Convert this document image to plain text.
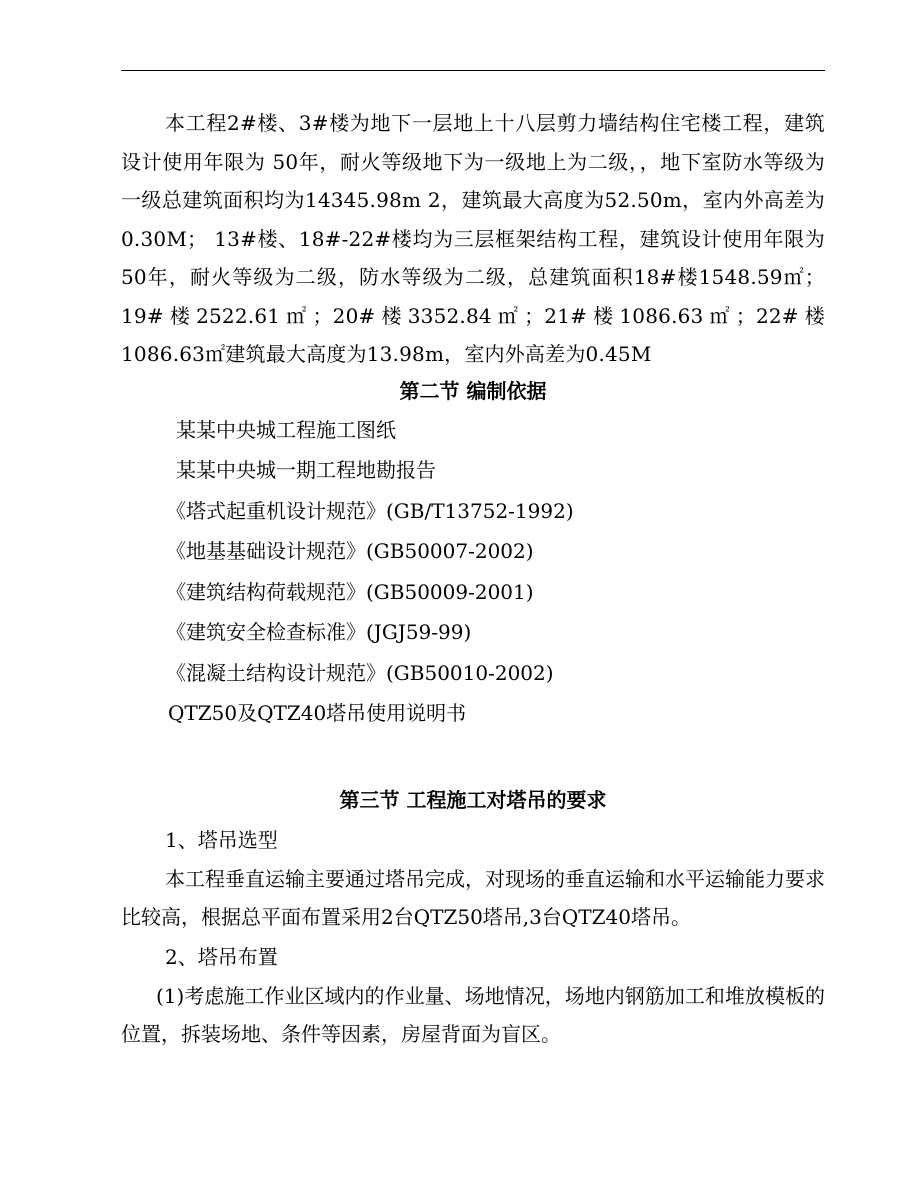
本工程2#楼、3#楼为地下一层地上十八层剪力墙结构住宅楼工程，建筑设计使用年限为 50年，耐火等级地下为一级地上为二级，，地下室防水等级为一级总建筑面积均为14345.98m 2，建筑最大高度为52.50m，室内外高差为0.30M； 13#楼、18#-22#楼均为三层框架结构工程，建筑设计使用年限为50年，耐火等级为二级，防水等级为二级，总建筑面积18#楼1548.59㎡；19#楼2522.61㎡；20#楼3352.84㎡；21#楼1086.63㎡；22#楼1086.63㎡建筑最大高度为13.98m，室内外高差为0.45M

第二节 编制依据
某某中央城工程施工图纸
某某中央城一期工程地勘报告
《塔式起重机设计规范》(GB/T13752-1992)
《地基基础设计规范》(GB50007-2002)
《建筑结构荷载规范》(GB50009-2001)
《建筑安全检查标准》(JGJ59-99)
《混凝土结构设计规范》(GB50010-2002)
QTZ50及QTZ40塔吊使用说明书
第三节 工程施工对塔吊的要求

1、塔吊选型

本工程垂直运输主要通过塔吊完成，对现场的垂直运输和水平运输能力要求比较高，根据总平面布置采用2台QTZ50塔吊,3台QTZ40塔吊。

2、塔吊布置

(1)考虑施工作业区域内的作业量、场地情况，场地内钢筋加工和堆放模板的位置，拆装场地、条件等因素，房屋背面为盲区。
